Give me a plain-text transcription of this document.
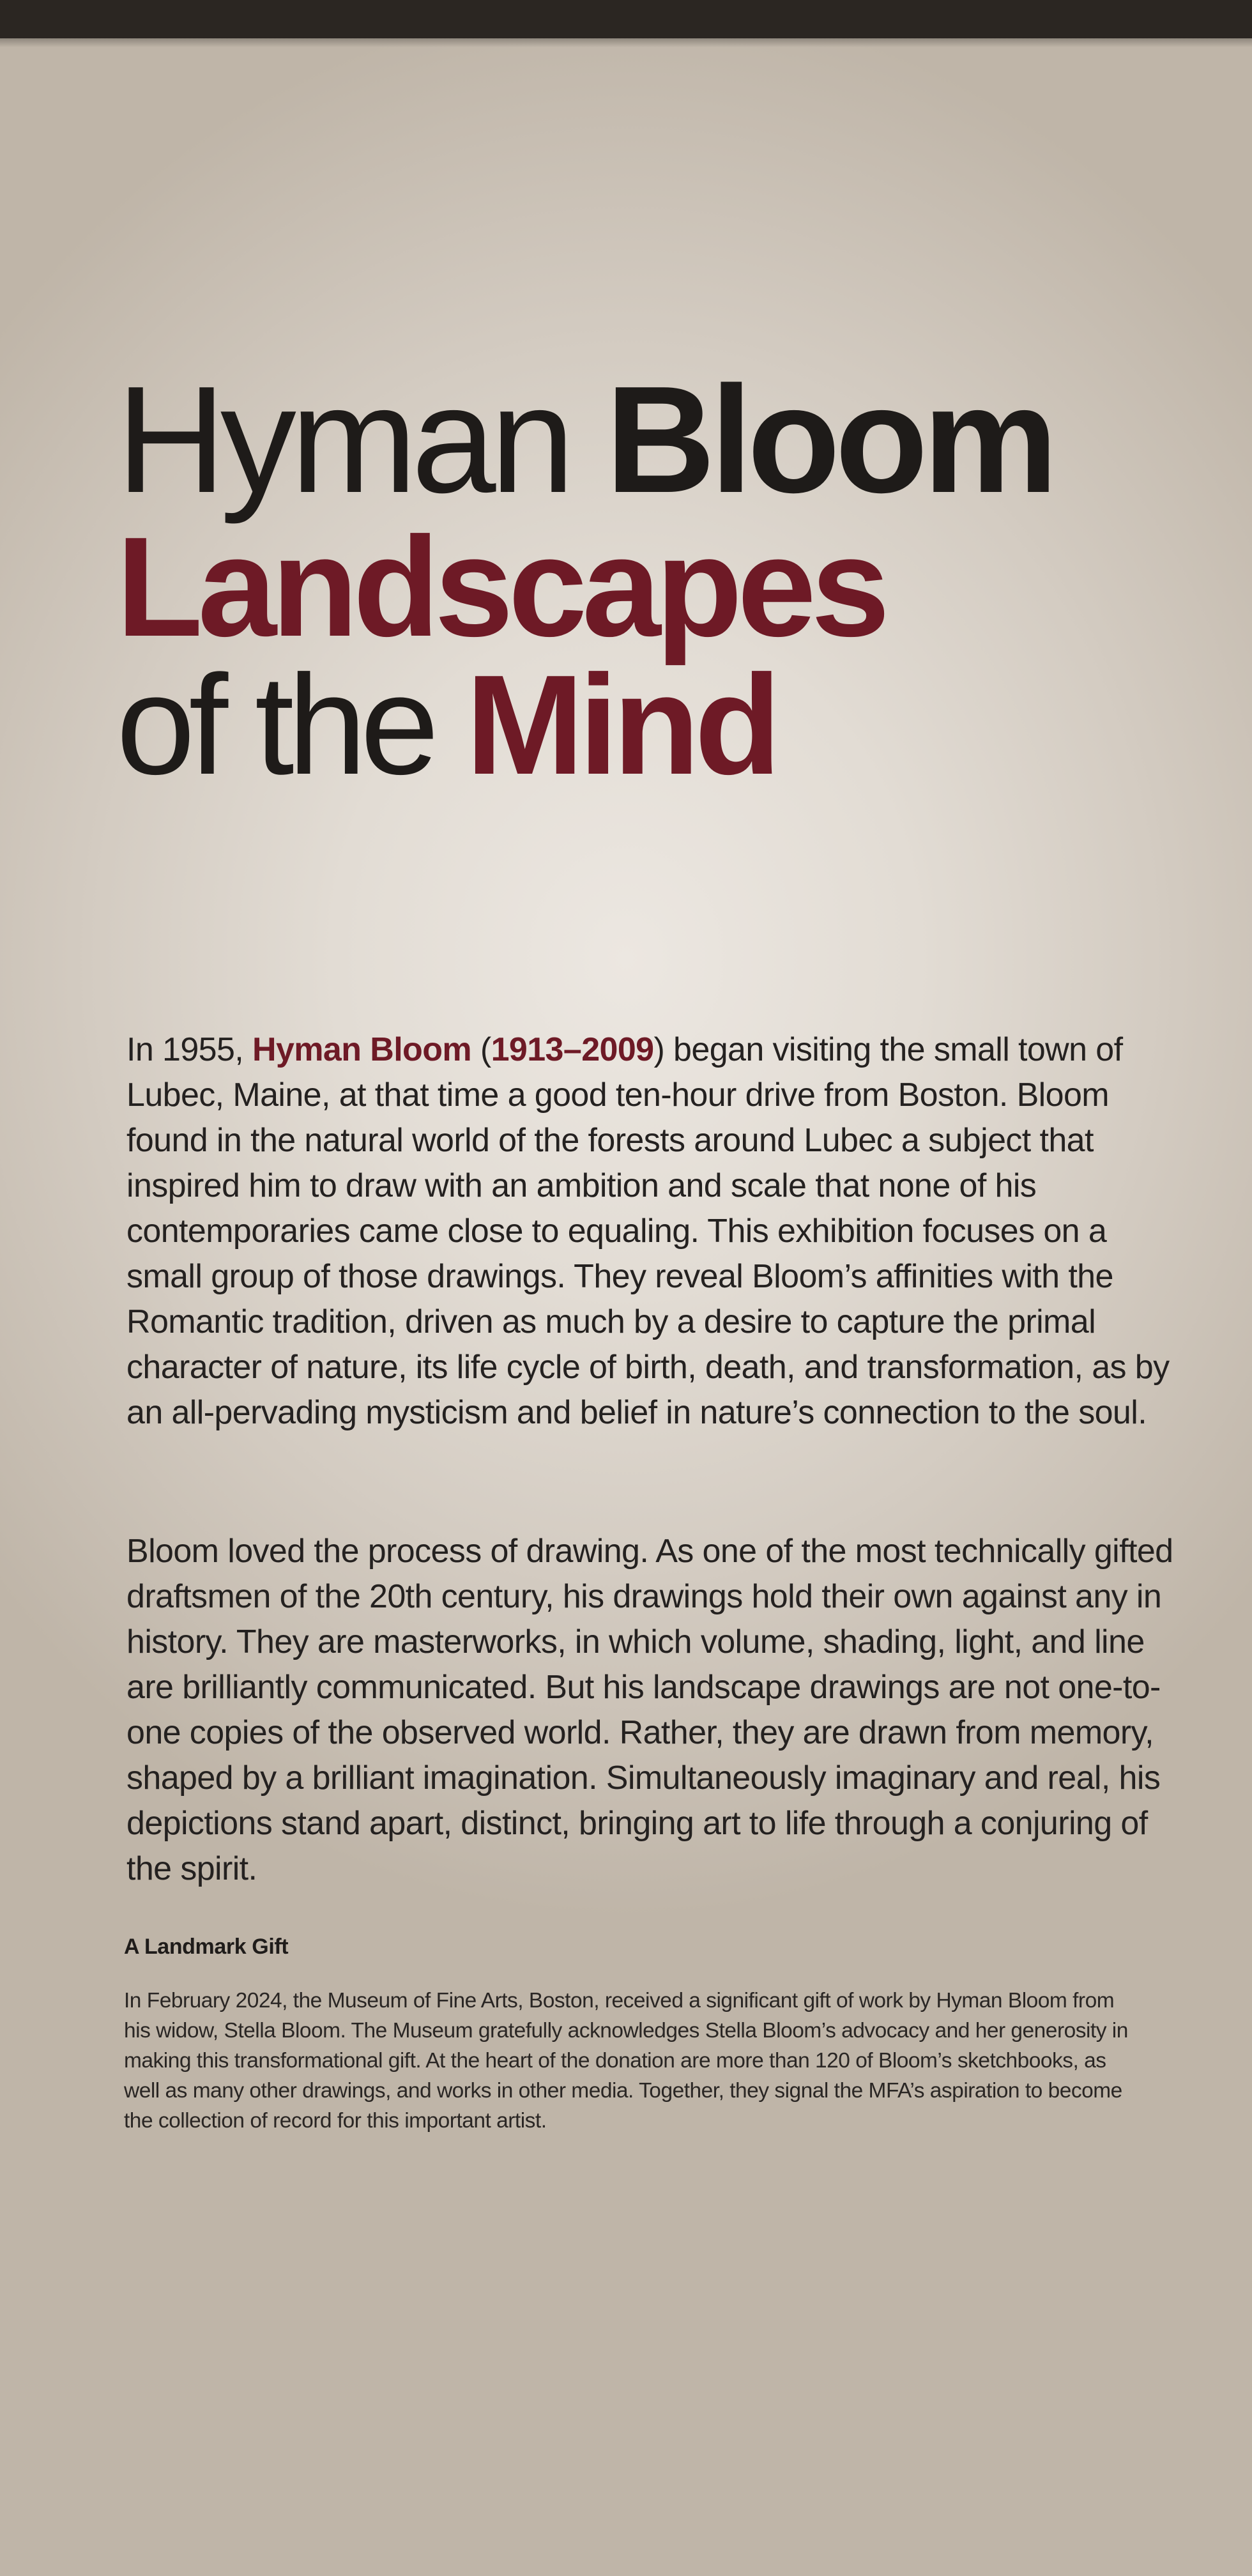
Hyman Bloom
Landscapes
of the Mind
In 1955, Hyman Bloom (1913–2009) began visiting the small town of Lubec, Maine, at that time a good ten-hour drive from Boston. Bloom found in the natural world of the forests around Lubec a subject that inspired him to draw with an ambition and scale that none of his contemporaries came close to equaling. This exhibition focuses on a small group of those drawings. They reveal Bloom’s affinities with the Romantic tradition, driven as much by a desire to capture the primal character of nature, its life cycle of birth, death, and transformation, as by an all-pervading mysticism and belief in nature’s connection to the soul.
Bloom loved the process of drawing. As one of the most technically gifted draftsmen of the 20th century, his drawings hold their own against any in history. They are masterworks, in which volume, shading, light, and line are brilliantly communicated. But his landscape drawings are not one-to-one copies of the observed world. Rather, they are drawn from memory, shaped by a brilliant imagination. Simultaneously imaginary and real, his depictions stand apart, distinct, bringing art to life through a conjuring of the spirit.
A Landmark Gift
In February 2024, the Museum of Fine Arts, Boston, received a significant gift of work by Hyman Bloom from his widow, Stella Bloom. The Museum gratefully acknowledges Stella Bloom’s advocacy and her generosity in making this transformational gift. At the heart of the donation are more than 120 of Bloom’s sketchbooks, as well as many other drawings, and works in other media. Together, they signal the MFA’s aspiration to become the collection of record for this important artist.
